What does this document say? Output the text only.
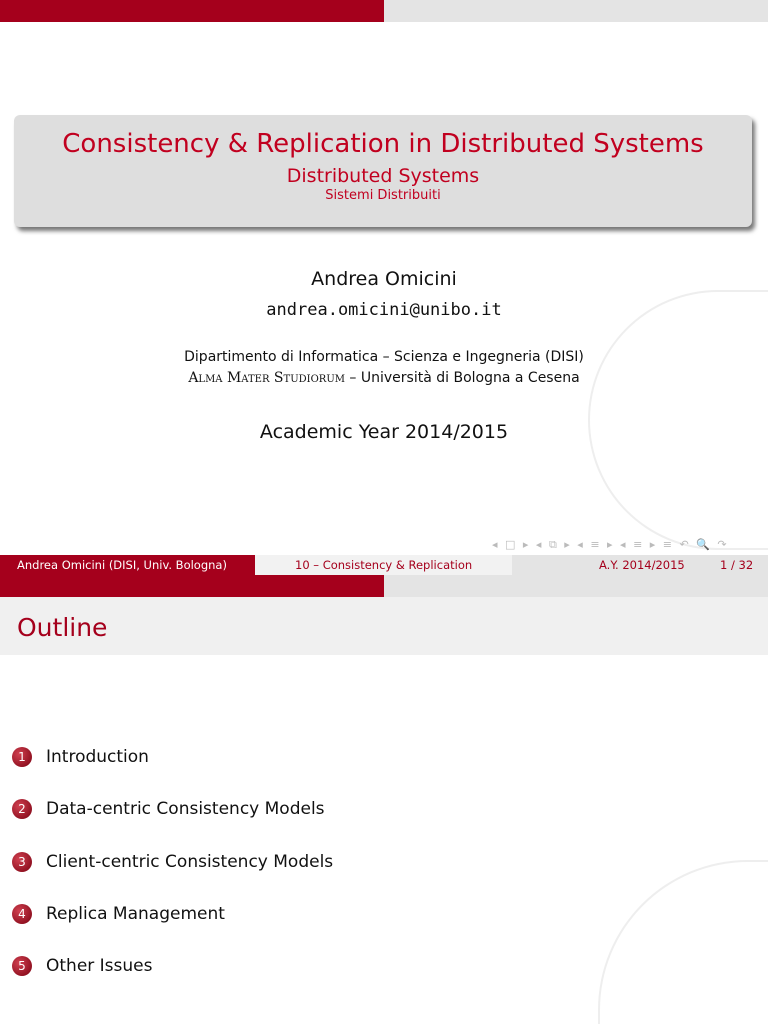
Consistency & Replication in Distributed Systems
Distributed Systems
Sistemi Distribuiti
Andrea Omicini
andrea.omicini@unibo.it
Dipartimento di Informatica – Scienza e Ingegneria (DISI)
Alma Mater Studiorum – Università di Bologna a Cesena
Academic Year 2014/2015
◂ □ ▸ ◂ ⧉ ▸ ◂ ≡ ▸ ◂ ≡ ▸ ≡ ↶ 🔍 ↷
Andrea Omicini (DISI, Univ. Bologna)	10 – Consistency & Replication	A.Y. 2014/2015	1 / 32
Outline
1	Introduction
2	Data-centric Consistency Models
3	Client-centric Consistency Models
4	Replica Management
5	Other Issues
